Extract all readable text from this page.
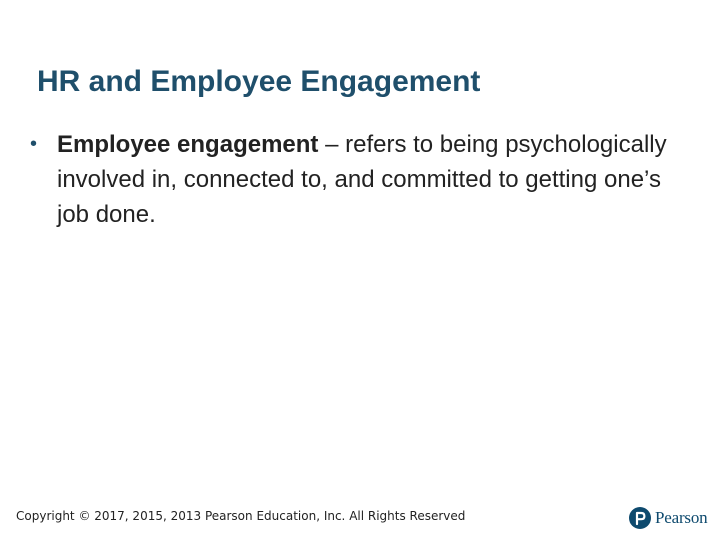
HR and Employee Engagement
• Employee engagement – refers to being psychologically involved in, connected to, and committed to getting one’s job done.
Copyright © 2017, 2015, 2013 Pearson Education, Inc. All Rights Reserved	Pearson
